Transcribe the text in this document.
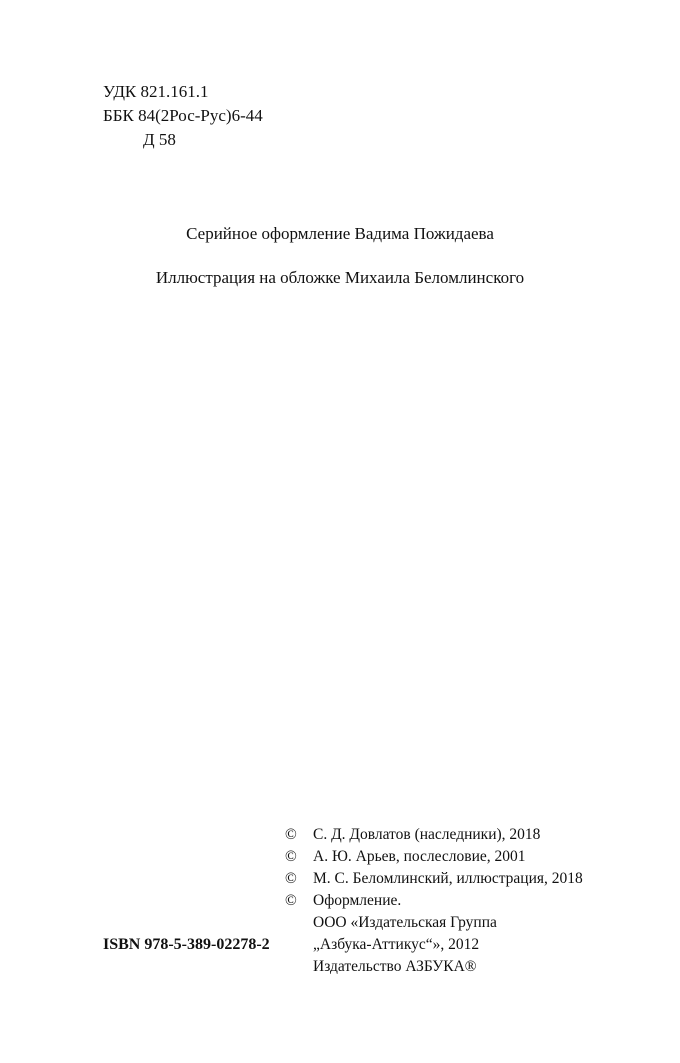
УДК 821.161.1
ББК 84(2Рос-Рус)6-44
Д 58
Серийное оформление Вадима Пожидаева
Иллюстрация на обложке Михаила Беломлинского
©	С. Д. Довлатов (наследники), 2018
©	А. Ю. Арьев, послесловие, 2001
©	М. С. Беломлинский, иллюстрация, 2018
©	Оформление.
ООО «Издательская Группа
„Азбука-Аттикус“», 2012
Издательство АЗБУКА®
ISBN 978-5-389-02278-2
